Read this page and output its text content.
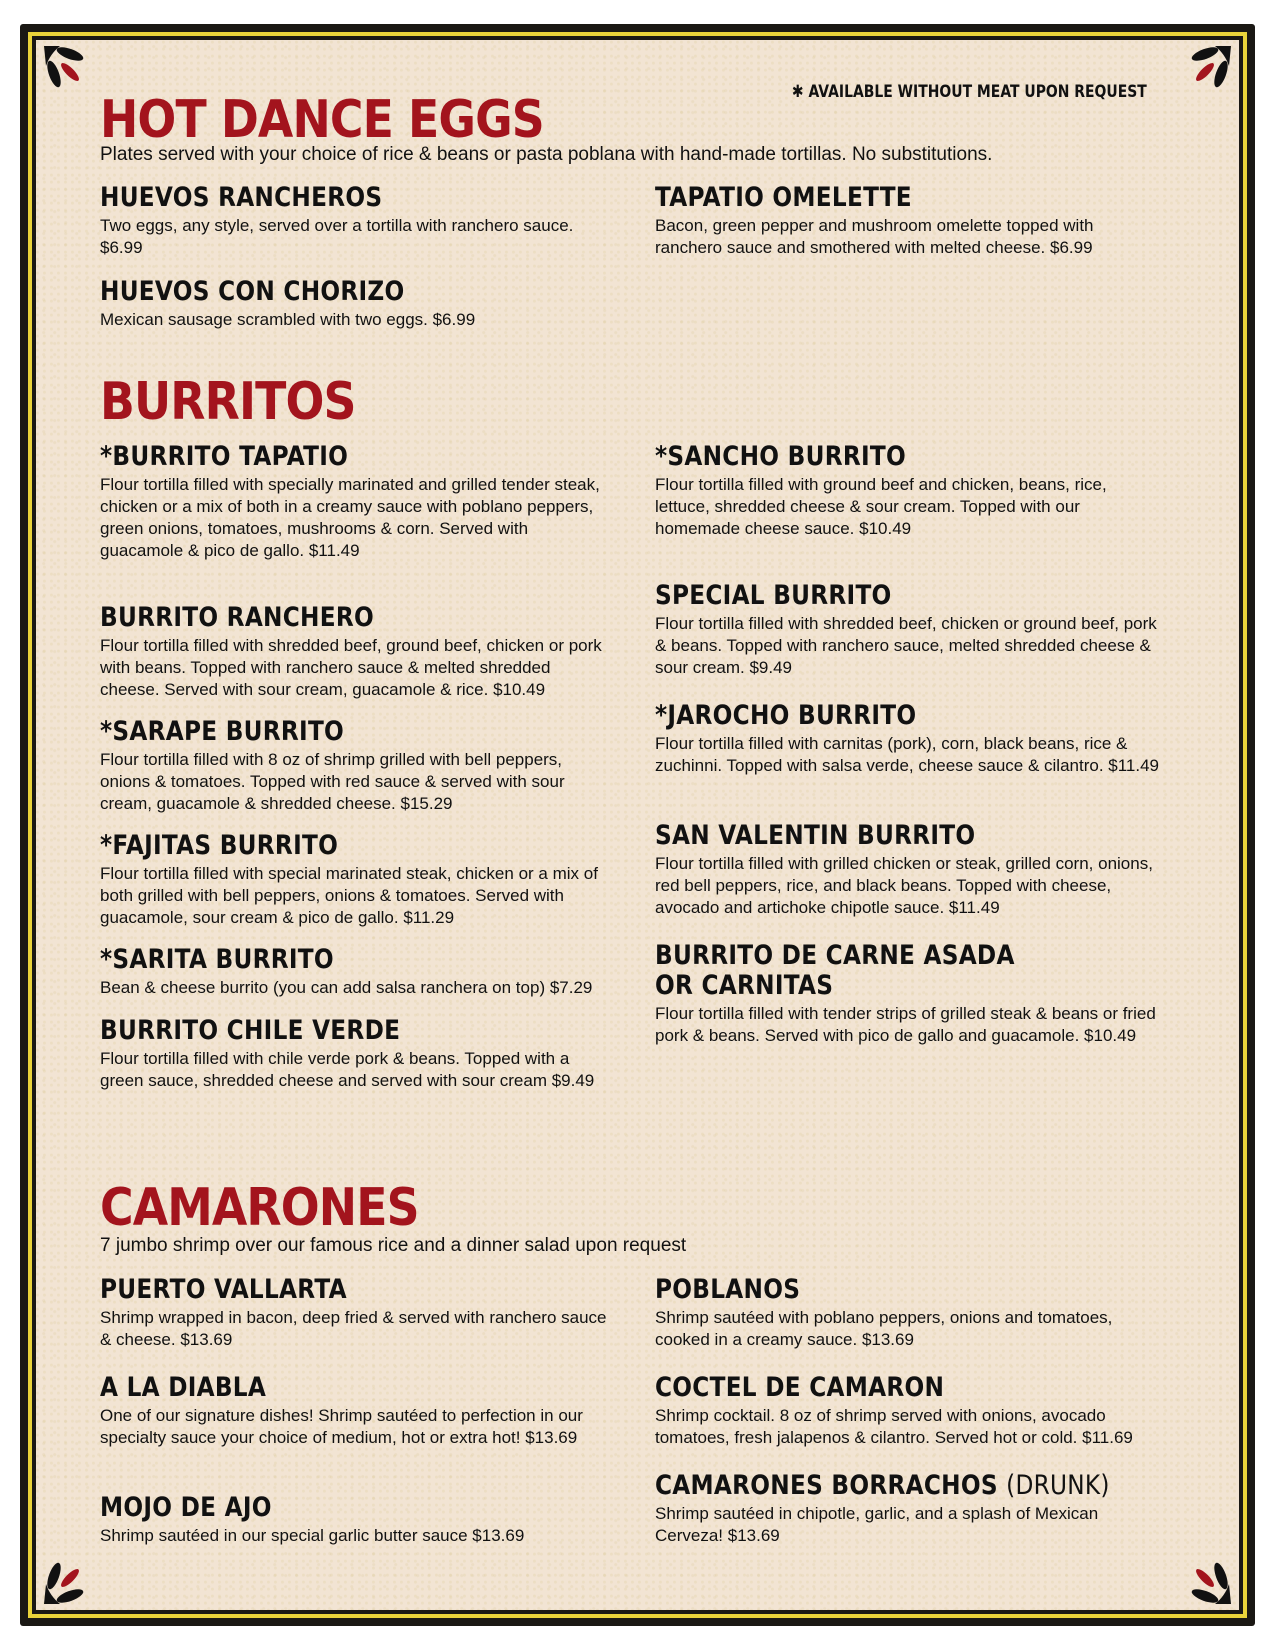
✱ AVAILABLE WITHOUT MEAT UPON REQUEST
HOT DANCE EGGS
Plates served with your choice of rice & beans or pasta poblana with hand-made tortillas. No substitutions.
HUEVOS RANCHEROS
Two eggs, any style, served over a tortilla with ranchero sauce. $6.99
HUEVOS CON CHORIZO
Mexican sausage scrambled with two eggs. $6.99
TAPATIO OMELETTE
Bacon, green pepper and mushroom omelette topped with ranchero sauce and smothered with melted cheese. $6.99
BURRITOS
*BURRITO TAPATIO
Flour tortilla filled with specially marinated and grilled tender steak, chicken or a mix of both in a creamy sauce with poblano peppers, green onions, tomatoes, mushrooms & corn. Served with guacamole & pico de gallo. $11.49
BURRITO RANCHERO
Flour tortilla filled with shredded beef, ground beef, chicken or pork with beans. Topped with ranchero sauce & melted shredded cheese. Served with sour cream, guacamole & rice. $10.49
*SARAPE BURRITO
Flour tortilla filled with 8 oz of shrimp grilled with bell peppers, onions & tomatoes. Topped with red sauce & served with sour cream, guacamole & shredded cheese. $15.29
*FAJITAS BURRITO
Flour tortilla filled with special marinated steak, chicken or a mix of both grilled with bell peppers, onions & tomatoes. Served with guacamole, sour cream & pico de gallo. $11.29
*SARITA BURRITO
Bean & cheese burrito (you can add salsa ranchera on top) $7.29
BURRITO CHILE VERDE
Flour tortilla filled with chile verde pork & beans. Topped with a green sauce, shredded cheese and served with sour cream $9.49
*SANCHO BURRITO
Flour tortilla filled with ground beef and chicken, beans, rice, lettuce, shredded cheese & sour cream. Topped with our homemade cheese sauce. $10.49
SPECIAL BURRITO
Flour tortilla filled with shredded beef, chicken or ground beef, pork & beans. Topped with ranchero sauce, melted shredded cheese & sour cream. $9.49
*JAROCHO BURRITO
Flour tortilla filled with carnitas (pork), corn, black beans, rice & zuchinni. Topped with salsa verde, cheese sauce & cilantro. $11.49
SAN VALENTIN BURRITO
Flour tortilla filled with grilled chicken or steak, grilled corn, onions, red bell peppers, rice, and black beans. Topped with cheese, avocado and artichoke chipotle sauce. $11.49
BURRITO DE CARNE ASADA
OR CARNITAS
Flour tortilla filled with tender strips of grilled steak & beans or fried pork & beans. Served with pico de gallo and guacamole. $10.49
CAMARONES
7 jumbo shrimp over our famous rice and a dinner salad upon request
PUERTO VALLARTA
Shrimp wrapped in bacon, deep fried & served with ranchero sauce & cheese. $13.69
A LA DIABLA
One of our signature dishes! Shrimp sautéed to perfection in our specialty sauce your choice of medium, hot or extra hot! $13.69
MOJO DE AJO
Shrimp sautéed in our special garlic butter sauce $13.69
POBLANOS
Shrimp sautéed with poblano peppers, onions and tomatoes, cooked in a creamy sauce. $13.69
COCTEL DE CAMARON
Shrimp cocktail. 8 oz of shrimp served with onions, avocado tomatoes, fresh jalapenos & cilantro. Served hot or cold. $11.69
CAMARONES BORRACHOS (DRUNK)
Shrimp sautéed in chipotle, garlic, and a splash of Mexican Cerveza! $13.69
